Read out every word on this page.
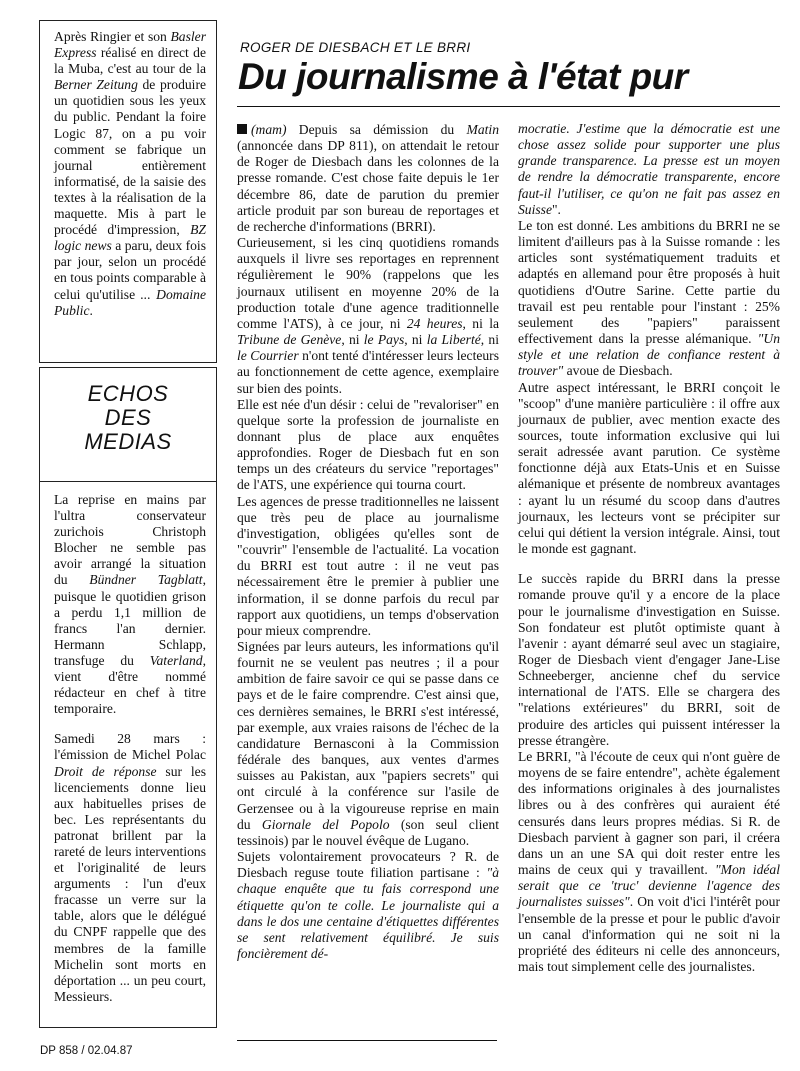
Après Ringier et son Basler Express réalisé en direct de la Muba, c'est au tour de la Berner Zeitung de produire un quotidien sous les yeux du public. Pendant la foire Logic 87, on a pu voir comment se fabrique un journal entièrement informatisé, de la saisie des textes à la réalisation de la maquette. Mis à part le procédé d'impression, BZ logic news a paru, deux fois par jour, selon un procédé en tous points comparable à celui qu'utilise ... Domaine Public.

ECHOS
DES
MEDIAS

La reprise en mains par l'ultra conservateur zurichois Christoph Blocher ne semble pas avoir arrangé la situation du Bündner Tagblatt, puisque le quotidien grison a perdu 1,1 million de francs l'an dernier. Hermann Schlapp, transfuge du Vaterland, vient d'être nommé rédacteur en chef à titre temporaire.

Samedi 28 mars : l'émission de Michel Polac Droit de réponse sur les licenciements donne lieu aux habituelles prises de bec. Les représentants du patronat brillent par la rareté de leurs interventions et l'originalité de leurs arguments : l'un d'eux fracasse un verre sur la table, alors que le délégué du CNPF rappelle que des membres de la famille Michelin sont morts en déportation ... un peu court, Messieurs.

ROGER DE DIESBACH ET LE BRRI

Du journalisme à l'état pur

(mam) Depuis sa démission du Matin (annoncée dans DP 811), on attendait le retour de Roger de Diesbach dans les colonnes de la presse romande. C'est chose faite depuis le 1er décembre 86, date de parution du premier article produit par son bureau de reportages et de recherche d'informations (BRRI).

Curieusement, si les cinq quotidiens romands auxquels il livre ses reportages en reprennent régulièrement le 90% (rappelons que les journaux utilisent en moyenne 20% de la production totale d'une agence traditionnelle comme l'ATS), à ce jour, ni 24 heures, ni la Tribune de Genève, ni le Pays, ni la Liberté, ni le Courrier n'ont tenté d'intéresser leurs lecteurs au fonctionnement de cette agence, exemplaire sur bien des points.

Elle est née d'un désir : celui de "revaloriser" en quelque sorte la profession de journaliste en donnant plus de place aux enquêtes approfondies. Roger de Diesbach fut en son temps un des créateurs du service "reportages" de l'ATS, une expérience qui tourna court.

Les agences de presse traditionnelles ne laissent que très peu de place au journalisme d'investigation, obligées qu'elles sont de "couvrir" l'ensemble de l'actualité. La vocation du BRRI est tout autre : il ne veut pas nécessairement être le premier à publier une information, il se donne parfois du recul par rapport aux quotidiens, un temps d'observation pour mieux comprendre.

Signées par leurs auteurs, les informations qu'il fournit ne se veulent pas neutres ; il a pour ambition de faire savoir ce qui se passe dans ce pays et de le faire comprendre. C'est ainsi que, ces dernières semaines, le BRRI s'est intéressé, par exemple, aux vraies raisons de l'échec de la candidature Bernasconi à la Commission fédérale des banques, aux ventes d'armes suisses au Pakistan, aux "papiers secrets" qui ont circulé à la conférence sur l'asile de Gerzensee ou à la vigoureuse reprise en main du Giornale del Popolo (son seul client tessinois) par le nouvel évêque de Lugano.

Sujets volontairement provocateurs ? R. de Diesbach reguse toute filiation partisane : "à chaque enquête que tu fais correspond une étiquette qu'on te colle. Le journaliste qui a dans le dos une centaine d'étiquettes différentes se sent relativement équilibré. Je suis foncièrement dé-

mocratie. J'estime que la démocratie est une chose assez solide pour supporter une plus grande transparence. La presse est un moyen de rendre la démocratie transparente, encore faut-il l'utiliser, ce qu'on ne fait pas assez en Suisse".

Le ton est donné. Les ambitions du BRRI ne se limitent d'ailleurs pas à la Suisse romande : les articles sont systématiquement traduits et adaptés en allemand pour être proposés à huit quotidiens d'Outre Sarine. Cette partie du travail est peu rentable pour l'instant : 25% seulement des "papiers" paraissent effectivement dans la presse alémanique. "Un style et une relation de confiance restent à trouver" avoue de Diesbach.

Autre aspect intéressant, le BRRI conçoit le "scoop" d'une manière particulière : il offre aux journaux de publier, avec mention exacte des sources, toute information exclusive qui lui serait adressée avant parution. Ce système fonctionne déjà aux Etats-Unis et en Suisse alémanique et présente de nombreux avantages : ayant lu un résumé du scoop dans d'autres journaux, les lecteurs vont se précipiter sur celui qui détient la version intégrale. Ainsi, tout le monde est gagnant.

Le succès rapide du BRRI dans la presse romande prouve qu'il y a encore de la place pour le journalisme d'investigation en Suisse. Son fondateur est plutôt optimiste quant à l'avenir : ayant démarré seul avec un stagiaire, Roger de Diesbach vient d'engager Jane-Lise Schneeberger, ancienne chef du service international de l'ATS. Elle se chargera des "relations extérieures" du BRRI, soit de produire des articles qui puissent intéresser la presse étrangère.

Le BRRI, "à l'écoute de ceux qui n'ont guère de moyens de se faire entendre", achète également des informations originales à des journalistes libres ou à des confrères qui auraient été censurés dans leurs propres médias. Si R. de Diesbach parvient à gagner son pari, il créera dans un an une SA qui doit rester entre les mains de ceux qui y travaillent. "Mon idéal serait que ce 'truc' devienne l'agence des journalistes suisses". On voit d'ici l'intérêt pour l'ensemble de la presse et pour le public d'avoir un canal d'information qui ne soit ni la propriété des éditeurs ni celle des annonceurs, mais tout simplement celle des journalistes.

DP 858 / 02.04.87
